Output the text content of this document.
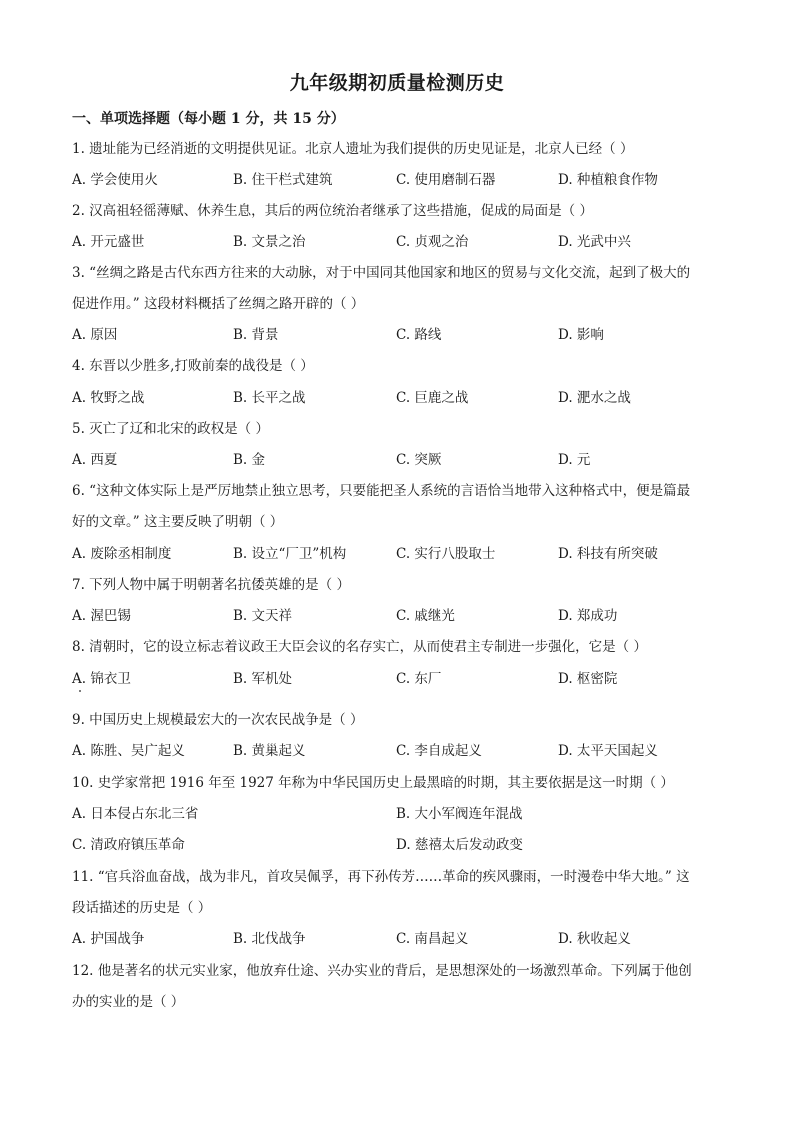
九年级期初质量检测历史
一、单项选择题（每小题 1 分，共 15 分）
1. 遗址能为已经消逝的文明提供见证。北京人遗址为我们提供的历史见证是，北京人已经（ ）
A. 学会使用火	B. 住干栏式建筑	C. 使用磨制石器	D. 种植粮食作物
2. 汉高祖轻徭薄赋、休养生息，其后的两位统治者继承了这些措施，促成的局面是（ ）
A. 开元盛世	B. 文景之治	C. 贞观之治	D. 光武中兴
3. “丝绸之路是古代东西方往来的大动脉，对于中国同其他国家和地区的贸易与文化交流，起到了极大的
促进作用。” 这段材料概括了丝绸之路开辟的（ ）
A. 原因	B. 背景	C. 路线	D. 影响
4. 东晋以少胜多,打败前秦的战役是（ ）
A. 牧野之战	B. 长平之战	C. 巨鹿之战	D. 淝水之战
5. 灭亡了辽和北宋的政权是（ ）
A. 西夏	B. 金	C. 突厥	D. 元
6. “这种文体实际上是严厉地禁止独立思考，只要能把圣人系统的言语恰当地带入这种格式中，便是篇最
好的文章。” 这主要反映了明朝（ ）
A. 废除丞相制度	B. 设立“厂卫”机构	C. 实行八股取士	D. 科技有所突破
7. 下列人物中属于明朝著名抗倭英雄的是（ ）
A. 渥巴锡	B. 文天祥	C. 戚继光	D. 郑成功
8. 清朝时，它的设立标志着议政王大臣会议的名存实亡，从而使君主专制进一步强化，它是（ ）
A. 锦衣卫	B. 军机处	C. 东厂	D. 枢密院
9. 中国历史上规模最宏大的一次农民战争是（ ）
A. 陈胜、吴广起义	B. 黄巢起义	C. 李自成起义	D. 太平天国起义
10. 史学家常把 1916 年至 1927 年称为中华民国历史上最黑暗的时期，其主要依据是这一时期（ ）
A. 日本侵占东北三省	B. 大小军阀连年混战
C. 清政府镇压革命	D. 慈禧太后发动政变
11. “官兵浴血奋战，战为非凡，首攻吴佩孚，再下孙传芳……革命的疾风骤雨，一时漫卷中华大地。” 这
段话描述的历史是（ ）
A. 护国战争	B. 北伐战争	C. 南昌起义	D. 秋收起义
12. 他是著名的状元实业家，他放弃仕途、兴办实业的背后，是思想深处的一场激烈革命。下列属于他创
办的实业的是（ ）
